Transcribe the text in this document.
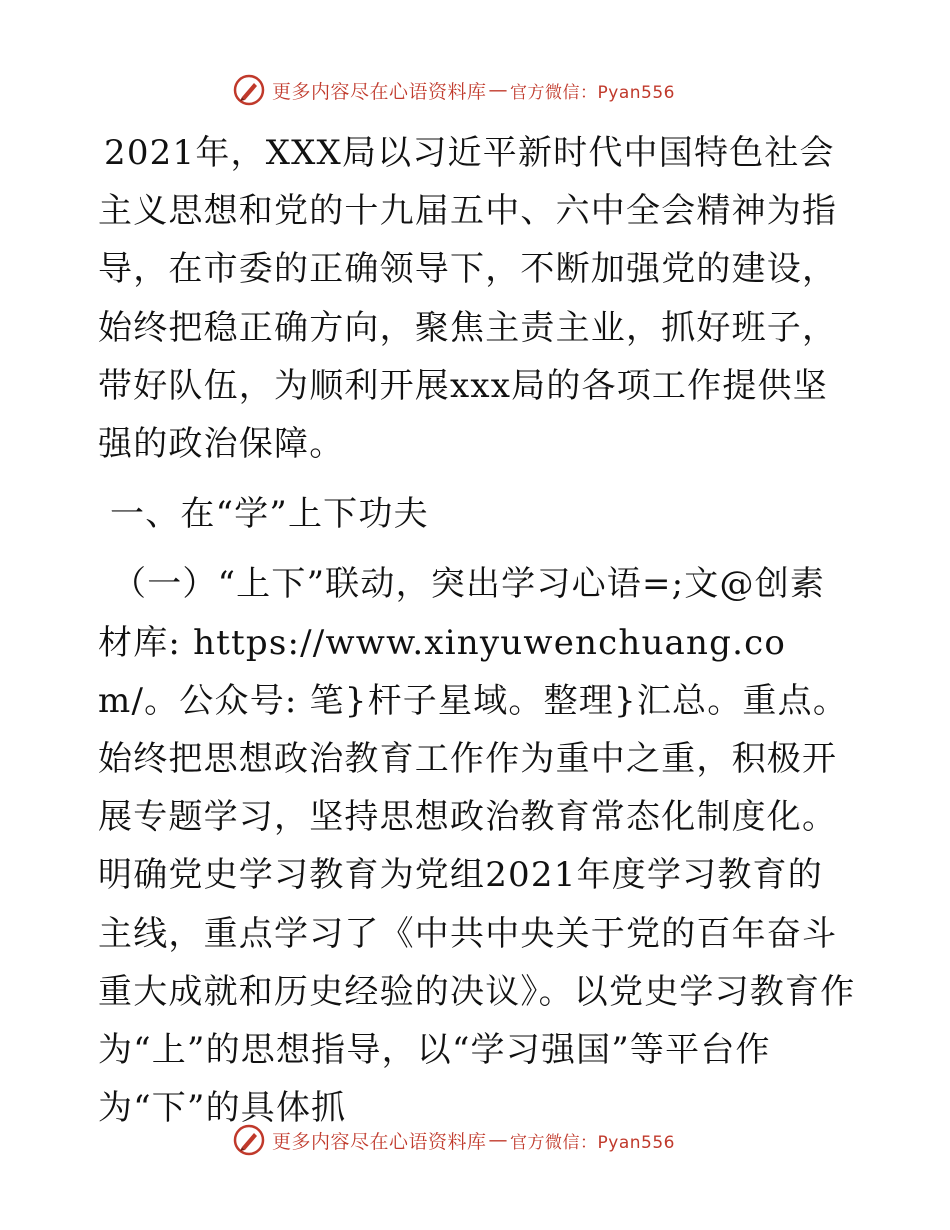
更多内容尽在心语资料库 — 官方微信：Pyan556

2021年，XXX局以习近平新时代中国特色社会主义思想和党的十九届五中、六中全会精神为指导，在市委的正确领导下，不断加强党的建设，始终把稳正确方向，聚焦主责主业，抓好班子，带好队伍，为顺利开展xxx局的各项工作提供坚强的政治保障。

一、在“学”上下功夫

（一）“上下”联动，突出学习心语=;文@创素材库: https://www.xinyuwenchuang.com/。公众号: 笔}杆子星域。整理}汇总。重点。始终把思想政治教育工作作为重中之重，积极开展专题学习，坚持思想政治教育常态化制度化。明确党史学习教育为党组2021年度学习教育的主线，重点学习了《中共中央关于党的百年奋斗重大成就和历史经验的决议》。以党史学习教育作为“上”的思想指导，以“学习强国”等平台作为“下”的具体抓

更多内容尽在心语资料库 — 官方微信：Pyan556
